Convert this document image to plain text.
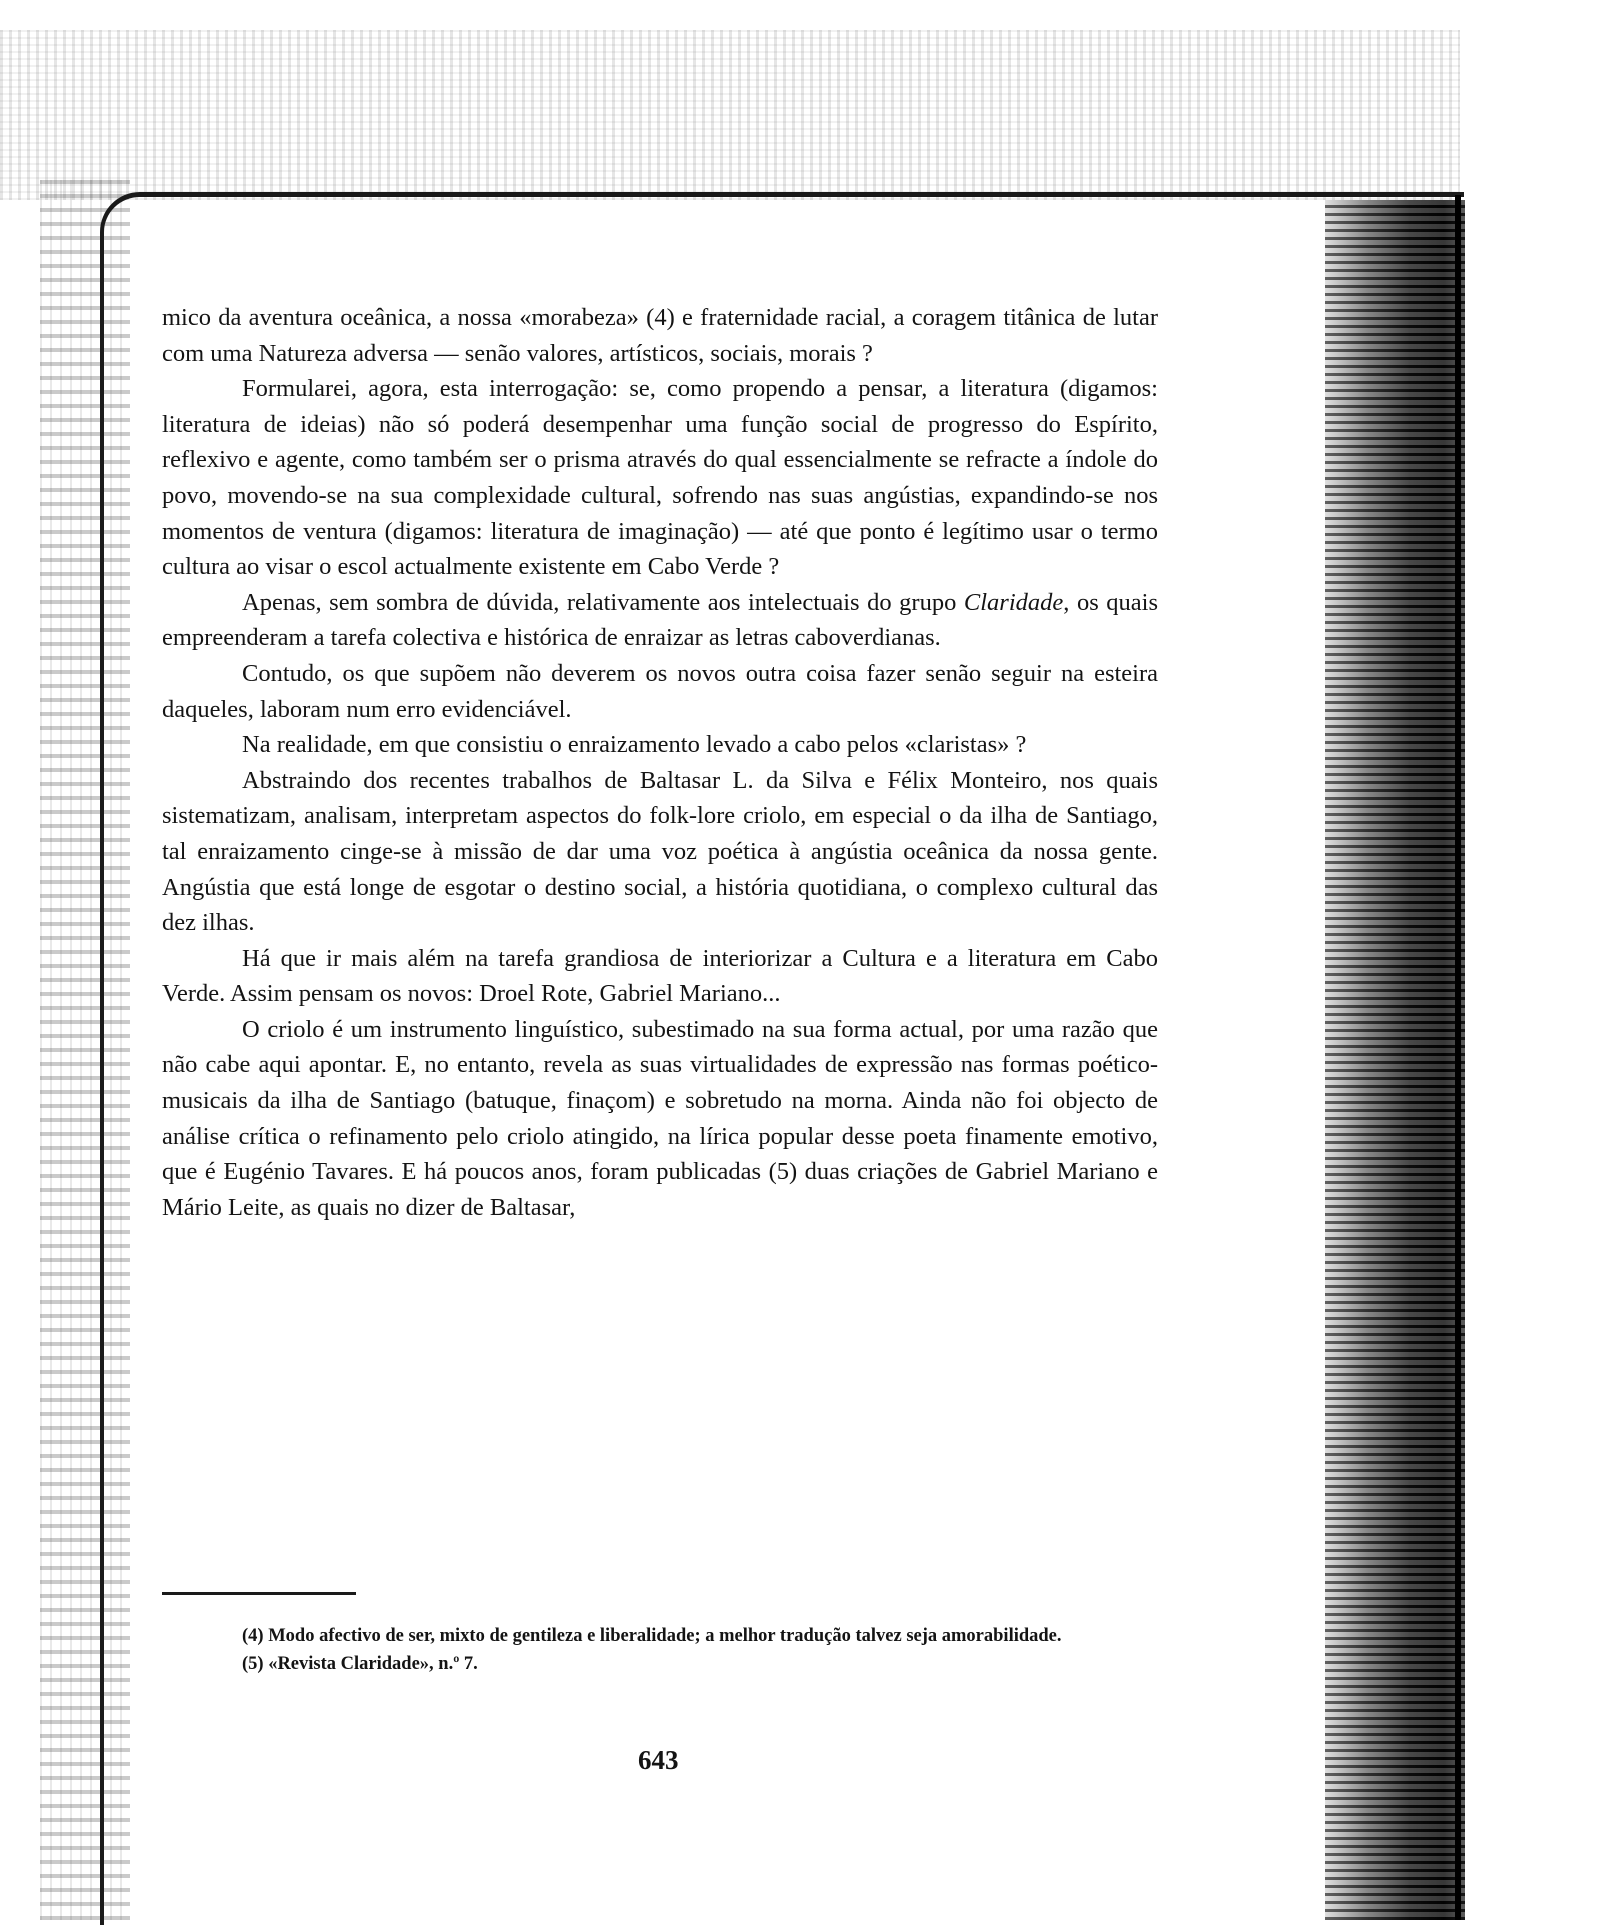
mico da aventura oceânica, a nossa «morabeza» (4) e fraternidade racial, a coragem titânica de lutar com uma Natureza adversa — senão valores, artísticos, sociais, morais ?

Formularei, agora, esta interrogação: se, como propendo a pensar, a literatura (digamos: literatura de ideias) não só poderá desempenhar uma função social de progresso do Espírito, reflexivo e agente, como também ser o prisma através do qual essencialmente se refracte a índole do povo, movendo-se na sua complexidade cultural, sofrendo nas suas angústias, expandindo-se nos momentos de ventura (digamos: literatura de imaginação) — até que ponto é legítimo usar o termo cultura ao visar o escol actualmente existente em Cabo Verde ?

Apenas, sem sombra de dúvida, relativamente aos intelectuais do grupo Claridade, os quais empreenderam a tarefa colectiva e histórica de enraizar as letras caboverdianas.

Contudo, os que supõem não deverem os novos outra coisa fazer senão seguir na esteira daqueles, laboram num erro evidenciável.

Na realidade, em que consistiu o enraizamento levado a cabo pelos «claristas» ?

Abstraindo dos recentes trabalhos de Baltasar L. da Silva e Félix Monteiro, nos quais sistematizam, analisam, interpretam aspectos do folk-lore criolo, em especial o da ilha de Santiago, tal enraizamento cinge-se à missão de dar uma voz poética à angústia oceânica da nossa gente. Angústia que está longe de esgotar o destino social, a história quotidiana, o complexo cultural das dez ilhas.

Há que ir mais além na tarefa grandiosa de interiorizar a Cultura e a literatura em Cabo Verde. Assim pensam os novos: Droel Rote, Gabriel Mariano...

O criolo é um instrumento linguístico, subestimado na sua forma actual, por uma razão que não cabe aqui apontar. E, no entanto, revela as suas virtualidades de expressão nas formas poético-musicais da ilha de Santiago (batuque, finaçom) e sobretudo na morna. Ainda não foi objecto de análise crítica o refinamento pelo criolo atingido, na lírica popular desse poeta finamente emotivo, que é Eugénio Tavares. E há poucos anos, foram publicadas (5) duas criações de Gabriel Mariano e Mário Leite, as quais no dizer de Baltasar,

(4) Modo afectivo de ser, mixto de gentileza e liberalidade; a melhor tradução talvez seja amorabilidade.

(5) «Revista Claridade», n.º 7.

643
